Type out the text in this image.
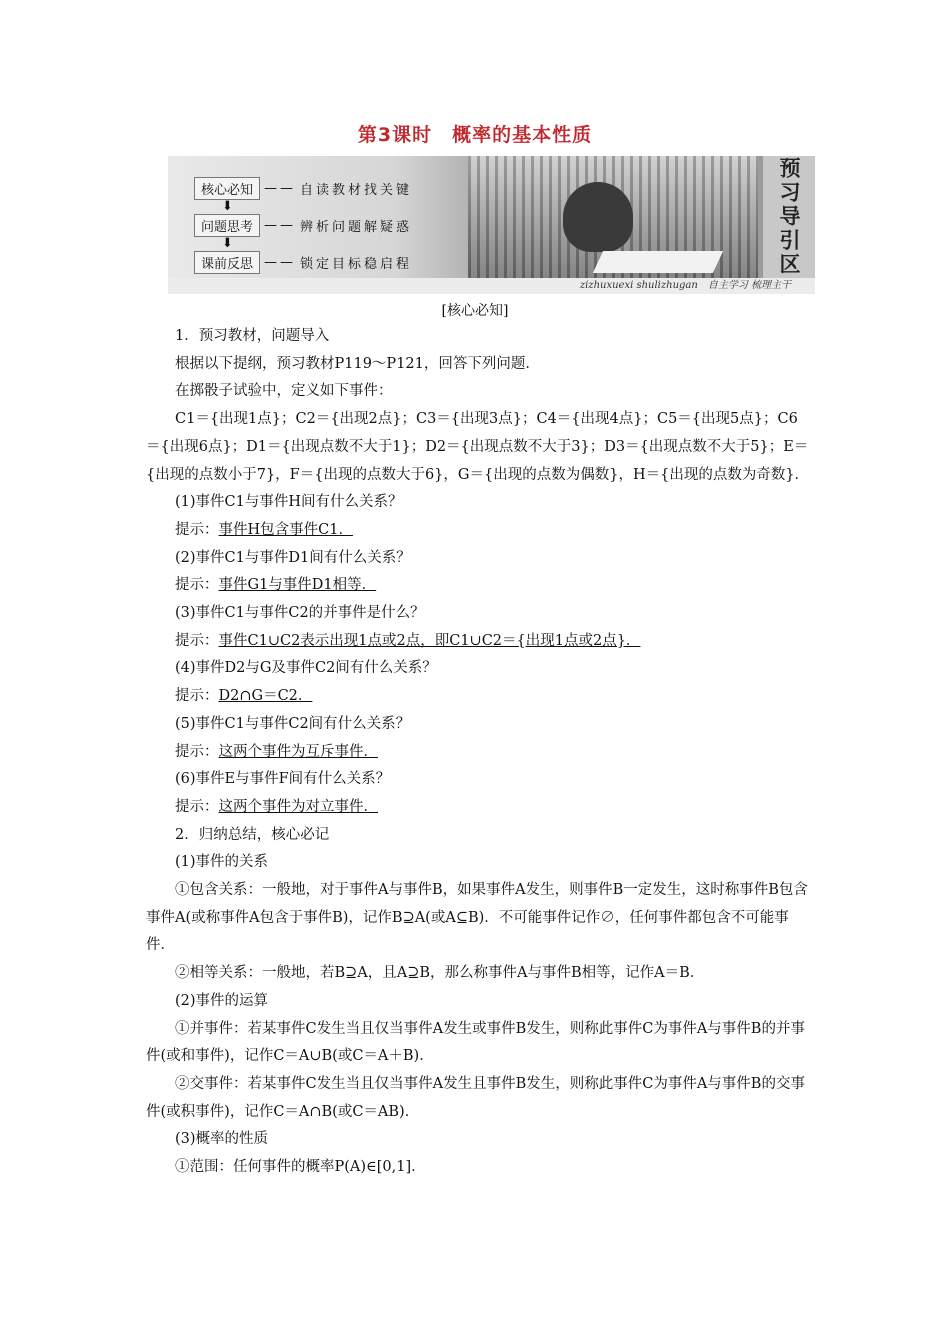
第3课时　概率的基本性质
预习导引区
核心必知 —— 自读教材找关键
⬇
问题思考 —— 辨析问题解疑惑
⬇
课前反思 —— 锁定目标稳启程
zizhuxuexi shulizhugan　自主学习 梳理主干
[核心必知]

1．预习教材，问题导入

根据以下提纲，预习教材P119～P121，回答下列问题．

在掷骰子试验中，定义如下事件：

C1＝{出现1点}；C2＝{出现2点}；C3＝{出现3点}；C4＝{出现4点}；C5＝{出现5点}；C6＝{出现6点}；D1＝{出现点数不大于1}；D2＝{出现点数不大于3}；D3＝{出现点数不大于5}；E＝{出现的点数小于7}，F＝{出现的点数大于6}，G＝{出现的点数为偶数}，H＝{出现的点数为奇数}．

(1)事件C1与事件H间有什么关系？

提示：事件H包含事件C1．

(2)事件C1与事件D1间有什么关系？

提示：事件G1与事件D1相等．

(3)事件C1与事件C2的并事件是什么？

提示：事件C1∪C2表示出现1点或2点，即C1∪C2＝{出现1点或2点}．

(4)事件D2与G及事件C2间有什么关系？

提示：D2∩G＝C2．

(5)事件C1与事件C2间有什么关系？

提示：这两个事件为互斥事件．

(6)事件E与事件F间有什么关系？

提示：这两个事件为对立事件．

2．归纳总结，核心必记

(1)事件的关系

①包含关系：一般地，对于事件A与事件B，如果事件A发生，则事件B一定发生，这时称事件B包含事件A(或称事件A包含于事件B)，记作B⊇A(或A⊆B)．不可能事件记作∅，任何事件都包含不可能事件．

②相等关系：一般地，若B⊇A，且A⊇B，那么称事件A与事件B相等，记作A＝B．

(2)事件的运算

①并事件：若某事件C发生当且仅当事件A发生或事件B发生，则称此事件C为事件A与事件B的并事件(或和事件)，记作C＝A∪B(或C＝A＋B)．

②交事件：若某事件C发生当且仅当事件A发生且事件B发生，则称此事件C为事件A与事件B的交事件(或积事件)，记作C＝A∩B(或C＝AB)．

(3)概率的性质

①范围：任何事件的概率P(A)∈[0,1]．
